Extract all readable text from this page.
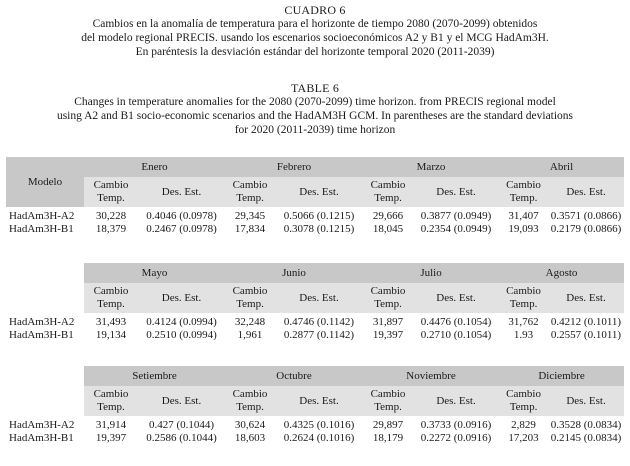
CUADRO 6
Cambios en la anomalía de temperatura para el horizonte de tiempo 2080 (2070-2099) obtenidos
del modelo regional PRECIS. usando los escenarios socioeconómicos A2 y B1 y el MCG HadAm3H.
En paréntesis la desviación estándar del horizonte temporal 2020 (2011-2039)
TABLE 6
Changes in temperature anomalies for the 2080 (2070-2099) time horizon. from PRECIS regional model
using A2 and B1 socio-economic scenarios and the HadAM3H GCM. In parentheses are the standard deviations
for 2020 (2011-2039) time horizon
Modelo	Enero		Febrero		Marzo		Abril	
	Cambio
Temp.	Des. Est.	Cambio
Temp.	Des. Est.	Cambio
Temp.	Des. Est.	Cambio
Temp.	Des. Est.
HadAm3H-A2	30,228	0.4046 (0.0978)	29,345	0.5066 (0.1215)	29,666	0.3877 (0.0949)	31,407	0.3571 (0.0866)
HadAm3H-B1	18,379	0.2467 (0.0978)	17,834	0.3078 (0.1215)	18,045	0.2354 (0.0949)	19,093	0.2179 (0.0866)
	Mayo		Junio		Julio		Agosto	
	Cambio
Temp.	Des. Est.	Cambio
Temp.	Des. Est.	Cambio
Temp.	Des. Est.	Cambio
Temp.	Des. Est.
HadAm3H-A2	31,493	0.4124 (0.0994)	32,248	0.4746 (0.1142)	31,897	0.4476 (0.1054)	31,762	0.4212 (0.1011)
HadAm3H-B1	19,134	0.2510 (0.0994)	1,961	0.2877 (0.1142)	19,397	0.2710 (0.1054)	1.93	0.2557 (0.1011)
	Setiembre		Octubre		Noviembre		Diciembre	
	Cambio
Temp.	Des. Est.	Cambio
Temp.	Des. Est.	Cambio
Temp.	Des. Est.	Cambio
Temp.	Des. Est.
HadAm3H-A2	31,914	0.427 (0.1044)	30,624	0.4325 (0.1016)	29,897	0.3733 (0.0916)	2,829	0.3528 (0.0834)
HadAm3H-B1	19,397	0.2586 (0.1044)	18,603	0.2624 (0.1016)	18,179	0.2272 (0.0916)	17,203	0.2145 (0.0834)
